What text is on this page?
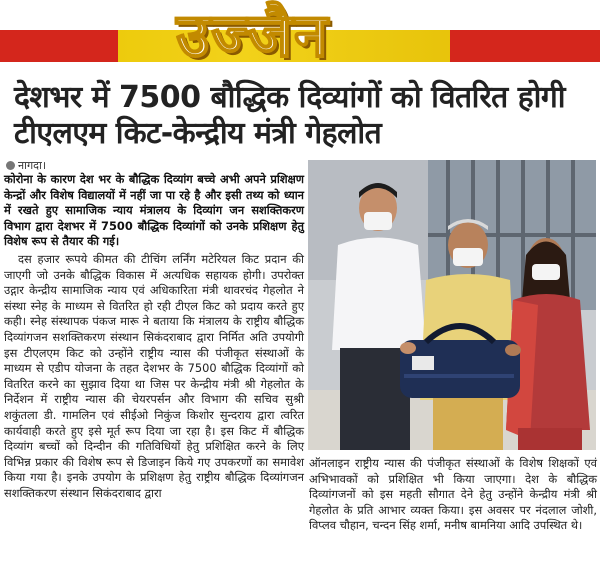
उज्जैन
देशभर में 7500 बौद्धिक दिव्यांगों को वितरित होगी टीएलएम किट-केन्द्रीय मंत्री गेहलोत
नागदा।

कोरोना के कारण देश भर के बौद्धिक दिव्यांग बच्चे अभी अपने प्रशिक्षण केन्द्रों और विशेष विद्यालयों में नहीं जा पा रहे है और इसी तथ्य को ध्यान में रखते हुए सामाजिक न्याय मंत्रालय के दिव्यांग जन सशक्तिकरण विभाग द्वारा देशभर में 7500 बौद्धिक दिव्यांगों को उनके प्रशिक्षण हेतु विशेष रूप से तैयार की गई।

दस हजार रूपये कीमत की टीचिंग लर्निंग मटेरियल किट प्रदान की जाएगी जो उनके बौद्धिक विकास में अत्यधिक सहायक होगी। उपरोक्त उद्गार केन्द्रीय सामाजिक न्याय एवं अधिकारिता मंत्री थावरचंद गेहलोत ने संस्था स्नेह के माध्यम से वितरित हो रही टीएल किट को प्रदाय करते हुए कही। स्नेह संस्थापक पंकज मारू ने बताया कि मंत्रालय के राष्ट्रीय बौद्धिक दिव्यांगजन सशक्तिकरण संस्थान सिकंदराबाद द्वारा निर्मित अति उपयोगी इस टीएलएम किट को उन्होंने राष्ट्रीय न्यास की पंजीकृत संस्थाओं के माध्यम से एडीप योजना के तहत देशभर के 7500 बौद्धिक दिव्यांगों को वितरित करने का सुझाव दिया था जिस पर केन्द्रीय मंत्री श्री गेहलोत के निर्देशन में राष्ट्रीय न्यास की चेयरपर्सन और विभाग की सचिव सुश्री शकुंतला डी. गामलिन एवं सीईओ निकुंज किशोर सुन्दराय द्वारा त्वरित कार्यवाही करते हुए इसे मूर्त रूप दिया जा रहा है। इस किट में बौद्धिक दिव्यांग बच्चों को दिन्दीन की गतिविधियों हेतु प्रशिक्षित करने के लिए विभिन्न प्रकार की विशेष रूप से डिजाइन किये गए उपकरणों का समावेश किया गया है। इनके उपयोग के प्रशिक्षण हेतु राष्ट्रीय बौद्धिक दिव्यांगजन सशक्तिकरण संस्थान सिकंदराबाद द्वारा

ऑनलाइन राष्ट्रीय न्यास की पंजीकृत संस्थाओं के विशेष शिक्षकों एवं अभिभावकों को प्रशिक्षित भी किया जाएगा। देश के बौद्धिक दिव्यांगजनों को इस महती सौगात देने हेतु उन्होंने केन्द्रीय मंत्री श्री गेहलोत के प्रति आभार व्यक्त किया। इस अवसर पर नंदलाल जोशी, विप्लव चौहान, चन्दन सिंह शर्मा, मनीष बामनिया आदि उपस्थित थे।
